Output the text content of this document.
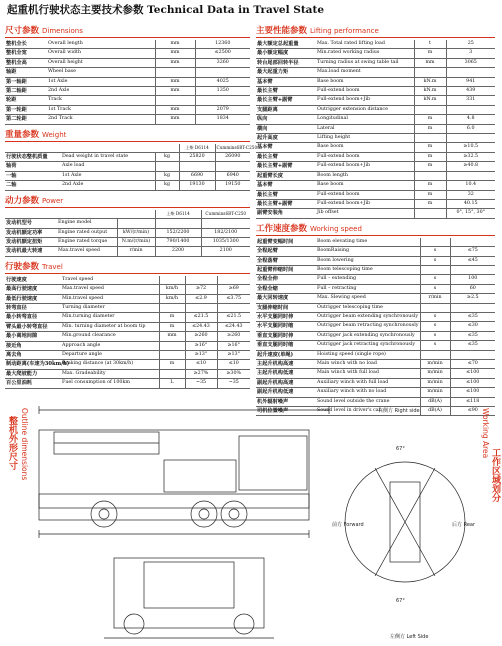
起重机行驶状态主要技术参数 Technical Data in Travel State
尺寸参数 Dimensions
整机全长	Overall length	mm	12360
整机全宽	Overall width	mm	≤2500
整机全高	Overall height	mm	3260
轴距	Wheel base		
第一轴距	1st Axle	mm	4025
第二轴距	2nd Axle	mm	1350
轮距	Track		
第一轮距	1st Track	mm	2079
第二轮距	2nd Track	mm	1834
重量参数 Weight
			上柴 D6114	Cummins6BT-C250
行驶状态整机质量	Dead weight in travel state	kg	25820	26090
轴荷	Axle load			
一轴	1st Axle	kg	6690	6940
二轴	2nd Axle	kg	19130	19150
动力参数 Power
			上柴 D6114	Cummins6BT-C250
发动机型号	Engine model			
发动机额定功率	Engine rated output	kW/(r/min)	152/2200	182/2100
发动机额定扭矩	Engine rated torque	N.m/(r/min)	790/1400	1035/1300
发动机最大转速	Max.travel speed	r/min	2200	2100
行驶参数 Travel
行驶速度	Travel speed			
最高行驶速度	Max.travel speed	km/h	≥72	≥69
最低行驶速度	Min.travel speed	km/h	≤2.9	≤3.75
转弯直径	Turning diameter			
最小转弯直径	Min.turning diameter	m	≤21.5	≤21.5
臂头最小转弯直径	Min. turning diameter at boom tip	m	≤24.43	≤24.43
最小离地间隙	Min.ground clearance	mm	≥260	≥260
接近角	Approach angle		≥16°	≥16°
离去角	Departure angle		≥13°	≥13°
制动距离(车速为30km/h)	Braking distance (at 30km/h)	m	≤10	≤10
最大爬坡能力	Max. Gradeability		≥27%	≥30%
百公里油耗	Fuel consumption of 100km	L	~35	~35
主要性能参数 Lifting performance
最大额定总起重量	Max. Total rated lifting load	t	25
最小额定幅度	Min.rated working radius	m	3
转台尾部回转半径	Turning radius at swing table tail	mm	3065
最大起重力矩	Max.load moment		
基本臂	Base boom	kN.m	941
最长主臂	Full-extend boom	kN.m	439
最长主臂+副臂	Full-extend boom+Jib	kN.m	331
支腿距离	Outrigger extension distance		
纵向	Longitudinal	m	4.8
横向	Lateral	m	6.0
起升高度	Lifting height		
基本臂	Base boom	m	≥10.5
最长主臂	Full-extend boom	m	≥32.5
最长主臂+副臂	Full-extend boom+Jib	m	≥40.8
起重臂长度	Boom length		
基本臂	Base boom	m	10.4
最长主臂	Full-extend boom	m	32
最长主臂+副臂	Full-extend boom+Jib	m	40.15
副臂安装角	Jib offset		0°, 15°, 30°
工作速度参数 Working speed
起重臂变幅时间	Boom elevating time		
全程起臂	BoomRaising	s	≤75
全程落臂	Boom lowering	s	≤45
起重臂伸缩时间	Boom telescoping time		
全程全伸	Full – extending	s	100
全程全缩	Full – retracting	s	60
最大回转速度	Max. Slewing speed	r/min	≥2.5
支腿伸缩时间	Outrigger telescoping time		
水平支腿同时伸	Outrigger beam extending synchronously	s	≤35
水平支腿同时缩	Outrigger beam retracting synchronously	s	≤30
垂直支腿同时伸	Outrigger jack extending synchronously	s	≤35
垂直支腿同时缩	Outrigger jack retracting synchronously	s	≤35
起升速度(单绳)	Hoisting speed (single rope)		
主起升机构高速	Main winch with no load	m/min	≤70
主起升机构低速	Main winch with full load	m/min	≤100
副起升机构高速	Auxiliary winch with full load	m/min	≤100
副起升机构低速	Auxiliary winch with no load	m/min	≤100
机外辐射噪声	Sound level outside the crane	dB(A)	≤118
司机位置噪声	Sound level in driver's cab	dB(A)	≤90
整机外形尺寸 Outline dimensions	右侧方 Right side
左侧方 Left Side
前方 Forward	后方 Rear
67°
67°
Working Area
工作区域划分
